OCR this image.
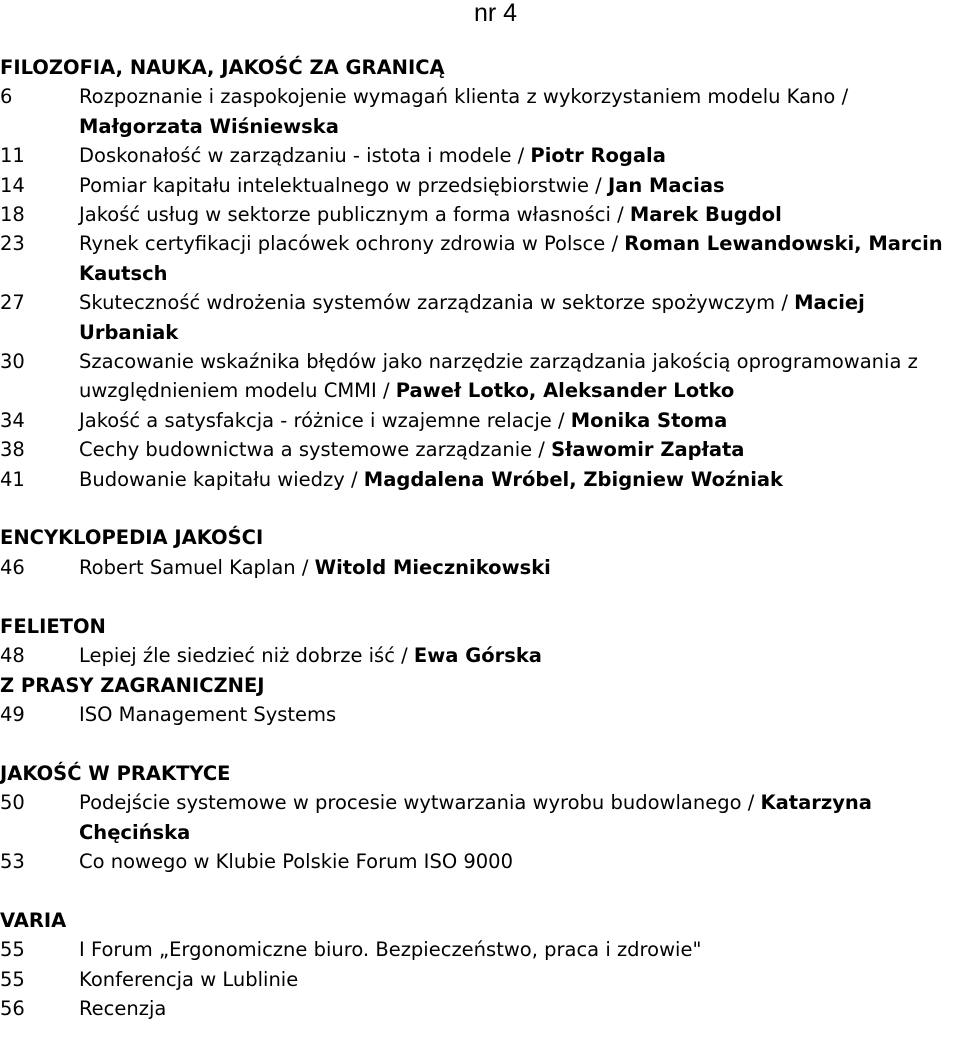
nr 4
FILOZOFIA, NAUKA, JAKOŚĆ ZA GRANICĄ
6	Rozpoznanie i zaspokojenie wymagań klienta z wykorzystaniem modelu Kano / Małgorzata Wiśniewska
11	Doskonałość w zarządzaniu - istota i modele / Piotr Rogala
14	Pomiar kapitału intelektualnego w przedsiębiorstwie / Jan Macias
18	Jakość usług w sektorze publicznym a forma własności / Marek Bugdol
23	Rynek certyfikacji placówek ochrony zdrowia w Polsce / Roman Lewandowski, Marcin Kautsch
27	Skuteczność wdrożenia systemów zarządzania w sektorze spożywczym / Maciej Urbaniak
30	Szacowanie wskaźnika błędów jako narzędzie zarządzania jakością oprogramowania z uwzględnieniem modelu CMMI / Paweł Lotko, Aleksander Lotko
34	Jakość a satysfakcja - różnice i wzajemne relacje / Monika Stoma
38	Cechy budownictwa a systemowe zarządzanie / Sławomir Zapłata
41	Budowanie kapitału wiedzy / Magdalena Wróbel, Zbigniew Woźniak
ENCYKLOPEDIA JAKOŚCI
46	Robert Samuel Kaplan / Witold Miecznikowski
FELIETON
48	Lepiej źle siedzieć niż dobrze iść / Ewa Górska
Z PRASY ZAGRANICZNEJ
49	ISO Management Systems
JAKOŚĆ W PRAKTYCE
50	Podejście systemowe w procesie wytwarzania wyrobu budowlanego / Katarzyna Chęcińska
53	Co nowego w Klubie Polskie Forum ISO 9000
VARIA
55	I Forum „Ergonomiczne biuro. Bezpieczeństwo, praca i zdrowie"
55	Konferencja w Lublinie
56	Recenzja
